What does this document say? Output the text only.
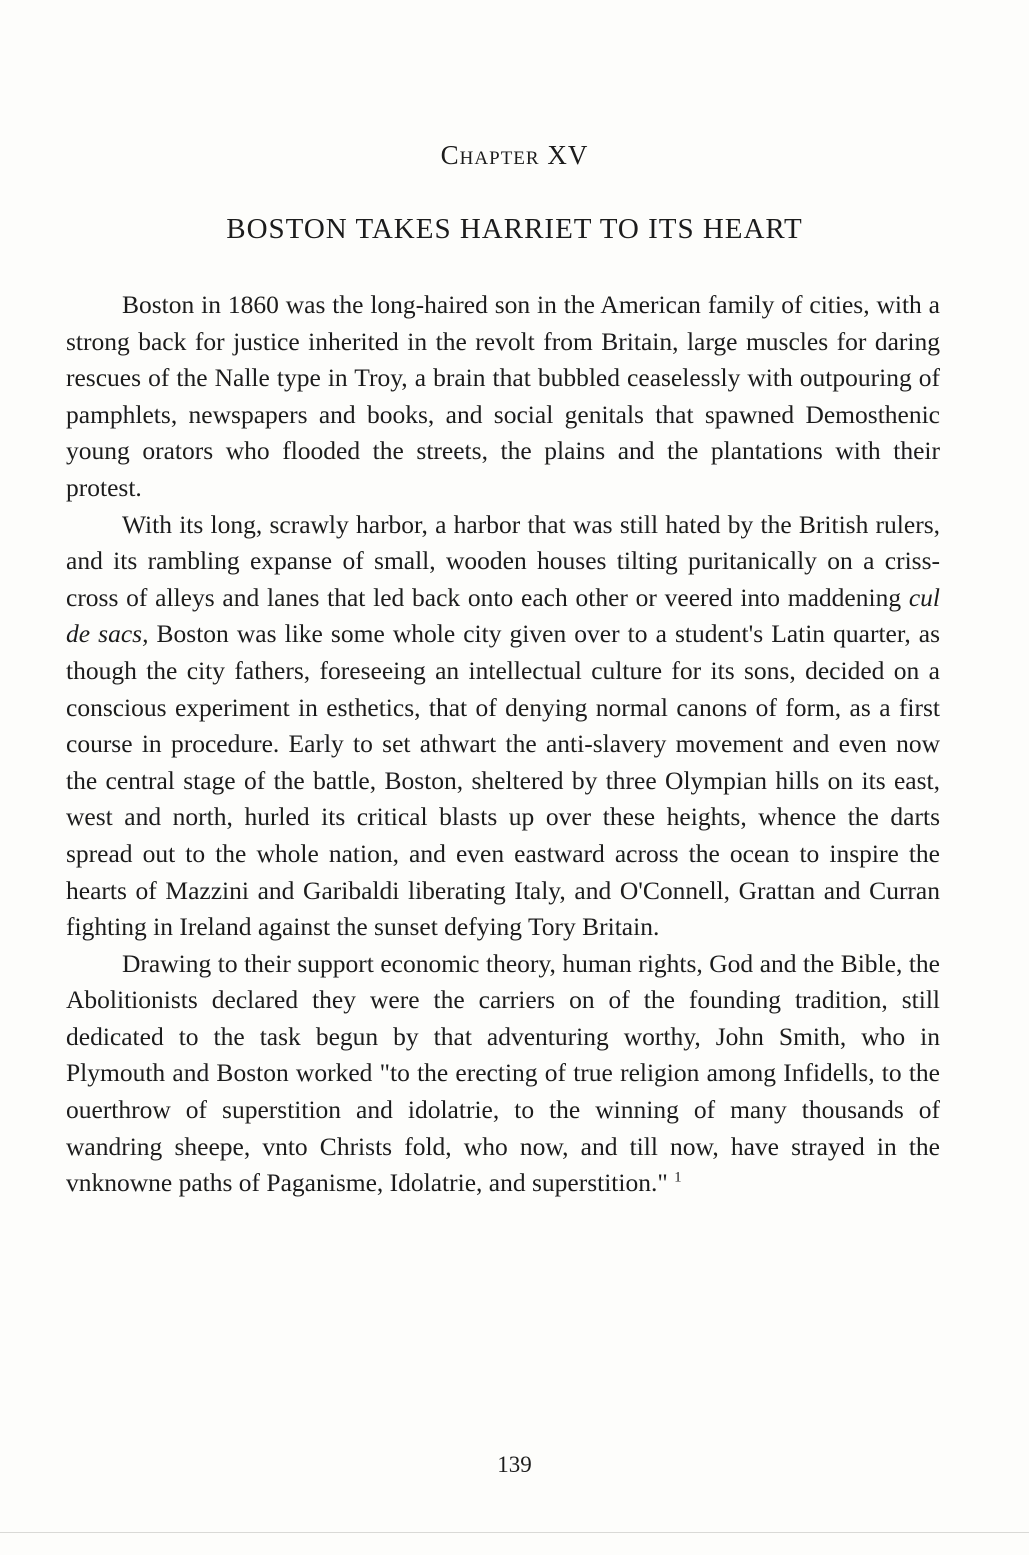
Chapter XV
BOSTON TAKES HARRIET TO ITS HEART

Boston in 1860 was the long-haired son in the American family of cities, with a strong back for justice inherited in the revolt from Britain, large muscles for daring rescues of the Nalle type in Troy, a brain that bubbled ceaselessly with outpouring of pamphlets, newspapers and books, and social genitals that spawned Demosthenic young orators who flooded the streets, the plains and the plantations with their protest.

With its long, scrawly harbor, a harbor that was still hated by the British rulers, and its rambling expanse of small, wooden houses tilting puritanically on a criss-cross of alleys and lanes that led back onto each other or veered into maddening cul de sacs, Boston was like some whole city given over to a student's Latin quarter, as though the city fathers, foreseeing an intellectual culture for its sons, decided on a conscious experiment in esthetics, that of denying normal canons of form, as a first course in procedure. Early to set athwart the anti-slavery movement and even now the central stage of the battle, Boston, sheltered by three Olympian hills on its east, west and north, hurled its critical blasts up over these heights, whence the darts spread out to the whole nation, and even eastward across the ocean to inspire the hearts of Mazzini and Garibaldi liberating Italy, and O'Connell, Grattan and Curran fighting in Ireland against the sunset defying Tory Britain.

Drawing to their support economic theory, human rights, God and the Bible, the Abolitionists declared they were the carriers on of the founding tradition, still dedicated to the task begun by that adventuring worthy, John Smith, who in Plymouth and Boston worked "to the erecting of true religion among Infidells, to the ouerthrow of superstition and idolatrie, to the winning of many thousands of wandring sheepe, vnto Christs fold, who now, and till now, have strayed in the vnknowne paths of Paganisme, Idolatrie, and superstition." $^1$

139
